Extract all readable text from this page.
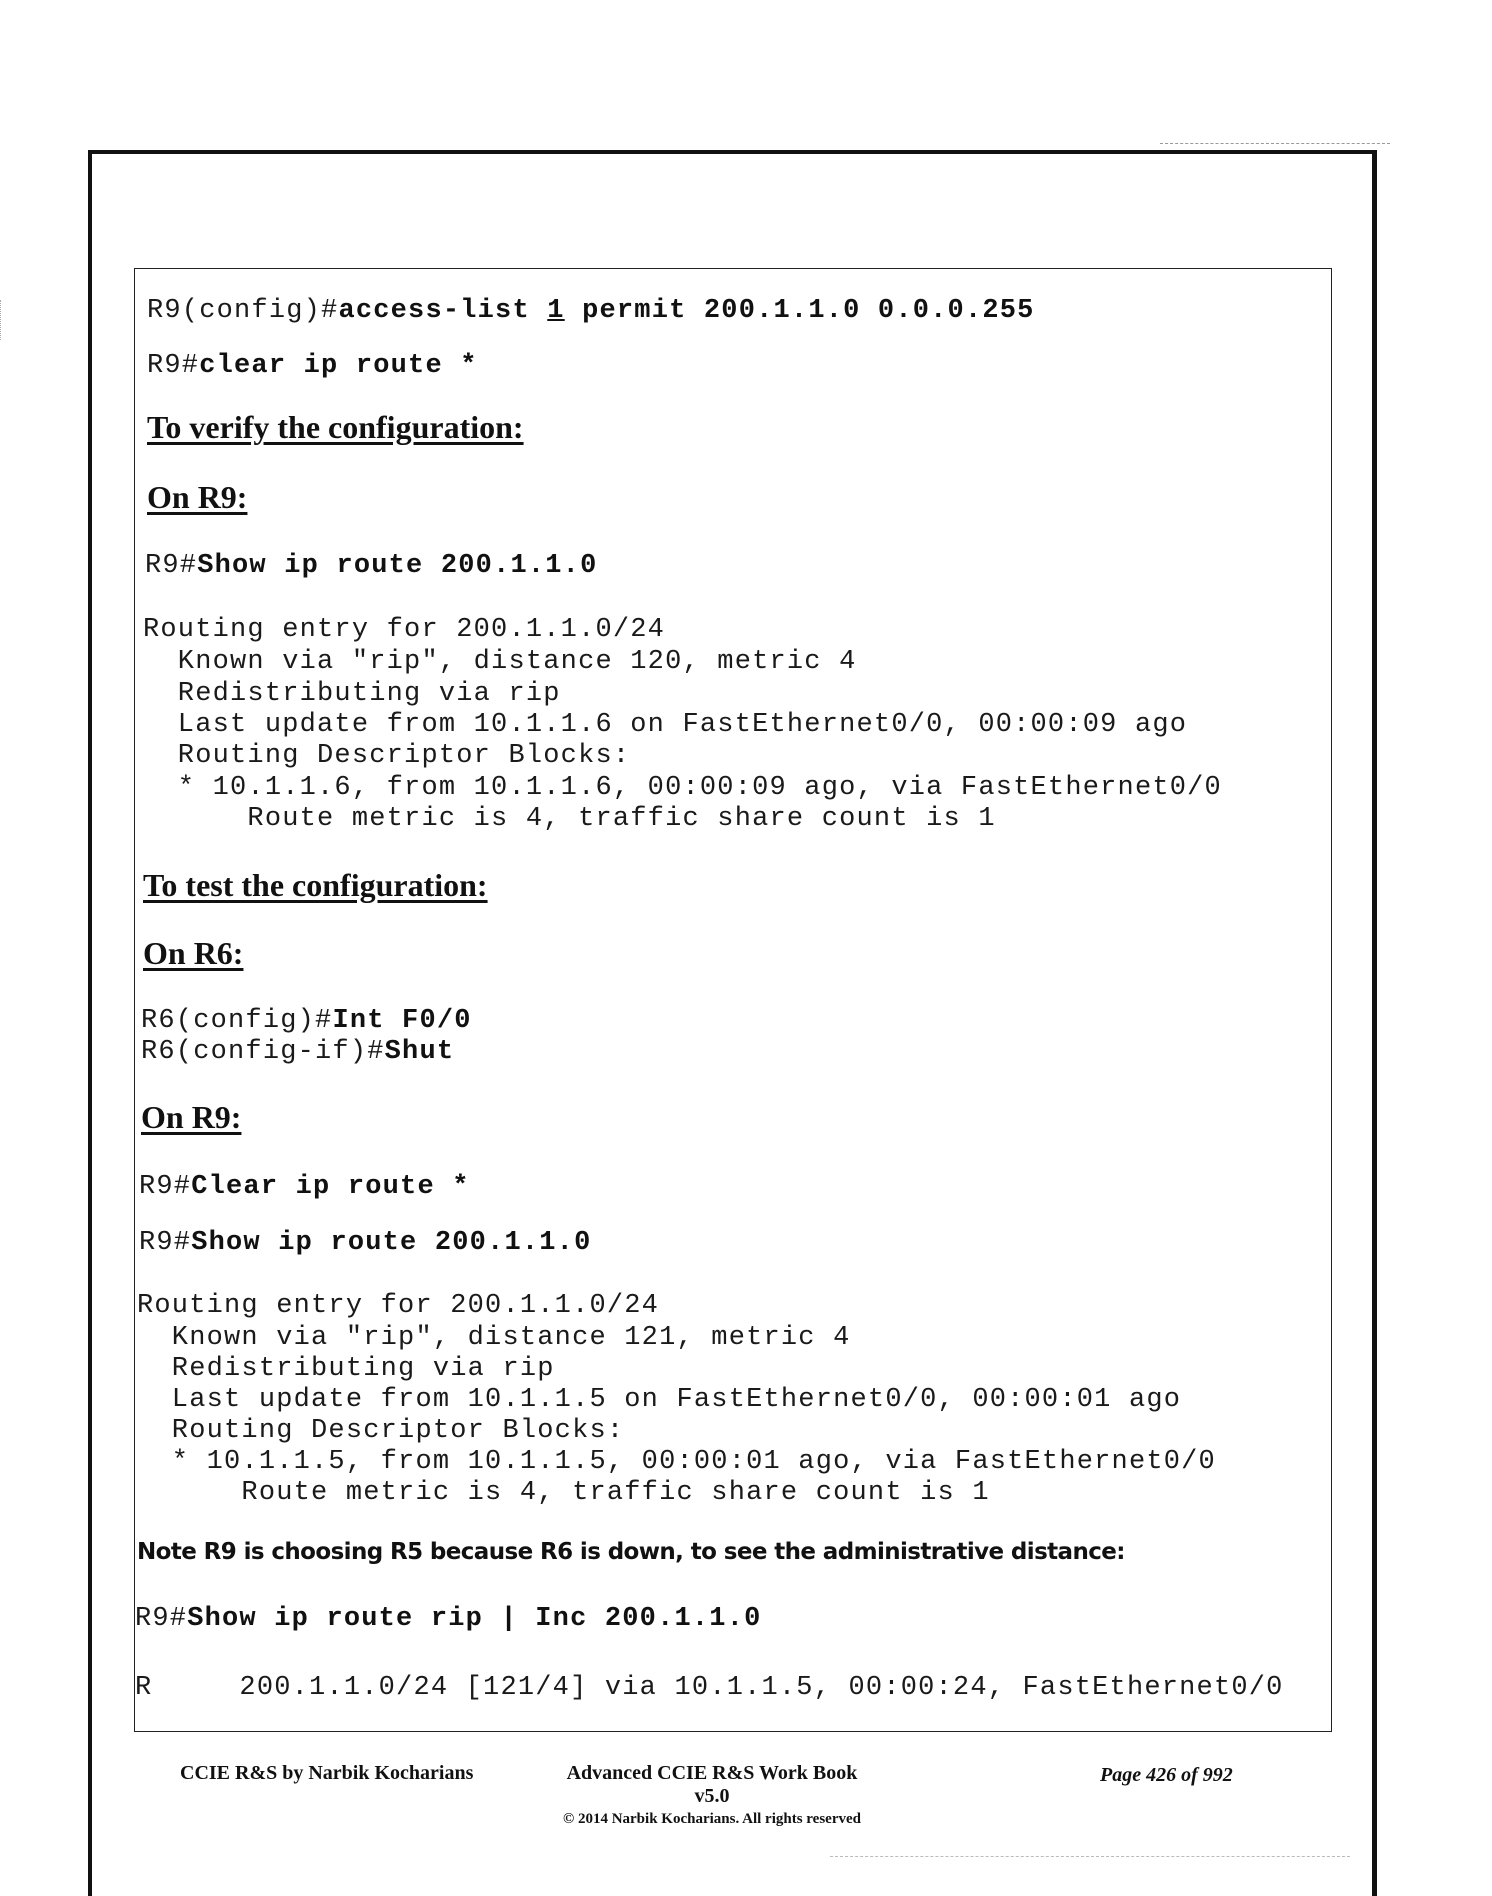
R9(config)#access-list 1 permit 200.1.1.0 0.0.0.255
R9#clear ip route *
To verify the configuration:
On R9:
R9#Show ip route 200.1.1.0
Routing entry for 200.1.1.0/24
Known via "rip", distance 120, metric 4
Redistributing via rip
Last update from 10.1.1.6 on FastEthernet0/0, 00:00:09 ago
Routing Descriptor Blocks:
* 10.1.1.6, from 10.1.1.6, 00:00:09 ago, via FastEthernet0/0
Route metric is 4, traffic share count is 1
To test the configuration:
On R6:
R6(config)#Int F0/0
R6(config-if)#Shut
On R9:
R9#Clear ip route *
R9#Show ip route 200.1.1.0
Routing entry for 200.1.1.0/24
Known via "rip", distance 121, metric 4
Redistributing via rip
Last update from 10.1.1.5 on FastEthernet0/0, 00:00:01 ago
Routing Descriptor Blocks:
* 10.1.1.5, from 10.1.1.5, 00:00:01 ago, via FastEthernet0/0
Route metric is 4, traffic share count is 1
Note R9 is choosing R5 because R6 is down, to see the administrative distance:
R9#Show ip route rip | Inc 200.1.1.0
R     200.1.1.0/24 [121/4] via 10.1.1.5, 00:00:24, FastEthernet0/0
CCIE R&S by Narbik Kocharians	Advanced CCIE R&S Work Book v5.0
© 2014 Narbik Kocharians. All rights reserved
Page 426 of 992
